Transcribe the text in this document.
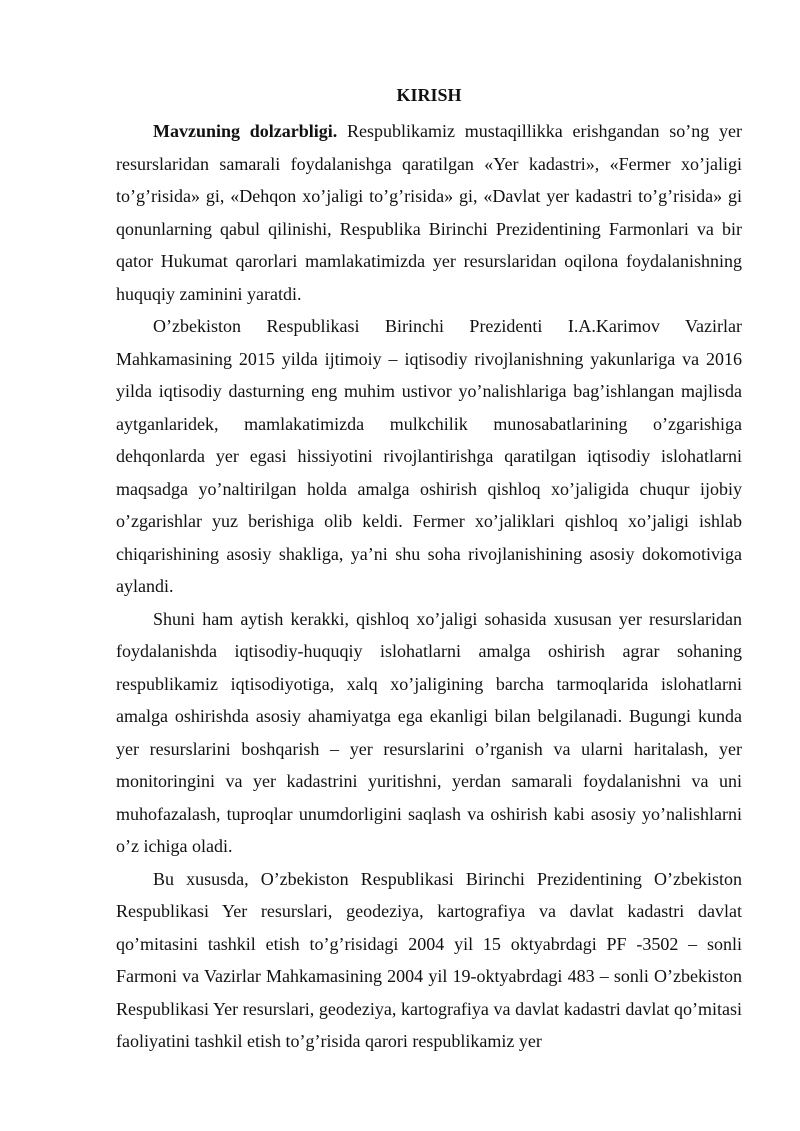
KIRISH

Mavzuning dolzarbligi. Respublikamiz mustaqillikka erishgandan so’ng yer resurslaridan samarali foydalanishga qaratilgan «Yer kadastri», «Fermer xo’jaligi to’g’risida» gi, «Dehqon xo’jaligi to’g’risida» gi, «Davlat yer kadastri to’g’risida» gi qonunlarning qabul qilinishi, Respublika Birinchi Prezidentining Farmonlari va bir qator Hukumat qarorlari mamlakatimizda yer resurslaridan oqilona foydalanishning huquqiy zaminini yaratdi.

O’zbekiston Respublikasi Birinchi Prezidenti I.A.Karimov Vazirlar Mahkamasining 2015 yilda ijtimoiy – iqtisodiy rivojlanishning yakunlariga va 2016 yilda iqtisodiy dasturning eng muhim ustivor yo’nalishlariga bag’ishlangan majlisda aytganlaridek, mamlakatimizda mulkchilik munosabatlarining o’zgarishiga dehqonlarda yer egasi hissiyotini rivojlantirishga qaratilgan iqtisodiy islohatlarni maqsadga yo’naltirilgan holda amalga oshirish qishloq xo’jaligida chuqur ijobiy o’zgarishlar yuz berishiga olib keldi. Fermer xo’jaliklari qishloq xo’jaligi ishlab chiqarishining asosiy shakliga, ya’ni shu soha rivojlanishining asosiy dokomotiviga aylandi.

Shuni ham aytish kerakki, qishloq xo’jaligi sohasida xususan yer resurslaridan foydalanishda iqtisodiy-huquqiy islohatlarni amalga oshirish agrar sohaning respublikamiz iqtisodiyotiga, xalq xo’jaligining barcha tarmoqlarida islohatlarni amalga oshirishda asosiy ahamiyatga ega ekanligi bilan belgilanadi. Bugungi kunda yer resurslarini boshqarish – yer resurslarini o’rganish va ularni haritalash, yer monitoringini va yer kadastrini yuritishni, yerdan samarali foydalanishni va uni muhofazalash, tuproqlar unumdorligini saqlash va oshirish kabi asosiy yo’nalishlarni o’z ichiga oladi.

Bu xususda, O’zbekiston Respublikasi Birinchi Prezidentining O’zbekiston Respublikasi Yer resurslari, geodeziya, kartografiya va davlat kadastri davlat qo’mitasini tashkil etish to’g’risidagi 2004 yil 15 oktyabrdagi PF -3502 – sonli Farmoni va Vazirlar Mahkamasining 2004 yil 19-oktyabrdagi 483 – sonli O’zbekiston Respublikasi Yer resurslari, geodeziya, kartografiya va davlat kadastri davlat qo’mitasi faoliyatini tashkil etish to’g’risida qarori respublikamiz yer
